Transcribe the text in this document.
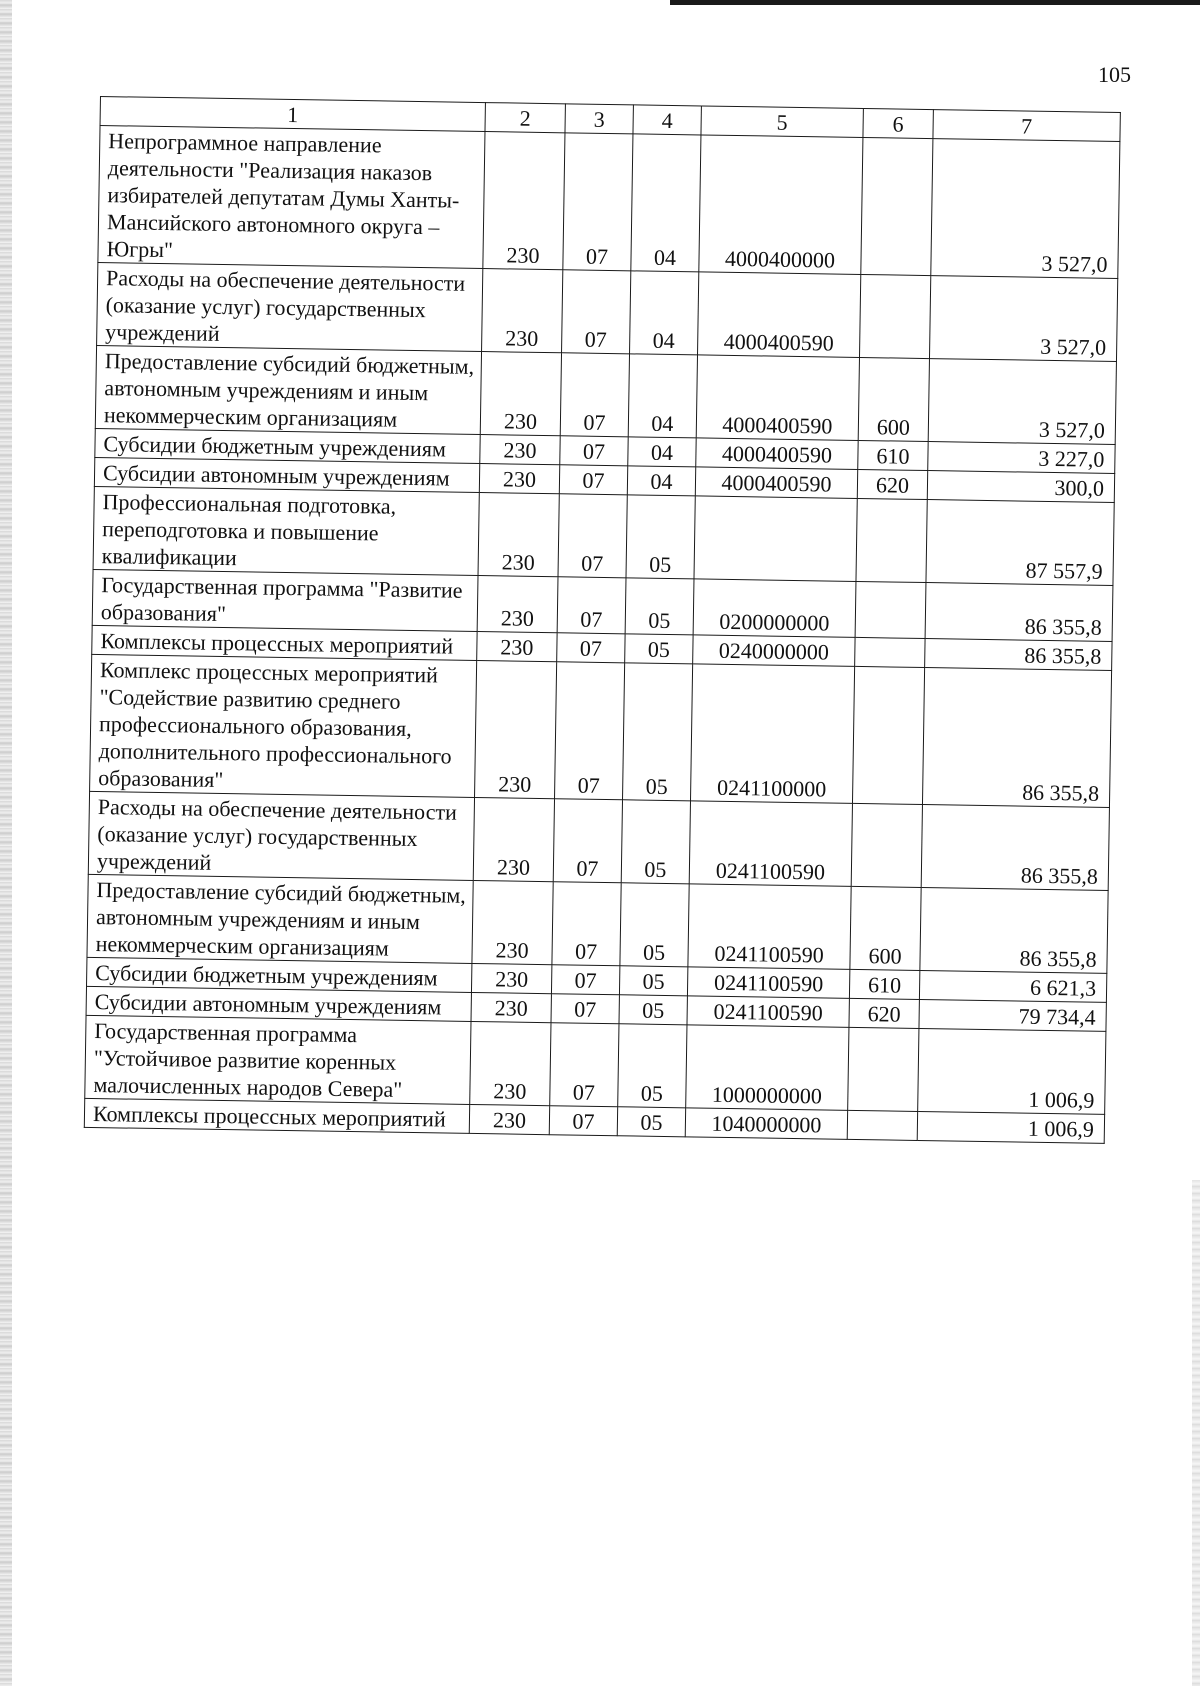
105
1	2	3	4	5	6	7
Непрограммное направление деятельности "Реализация наказов избирателей депутатам Думы Ханты-Мансийского автономного округа – Югры"	230	07	04	4000400000		3 527,0
Расходы на обеспечение деятельности (оказание услуг) государственных учреждений	230	07	04	4000400590		3 527,0
Предоставление субсидий бюджетным, автономным учреждениям и иным некоммерческим организациям	230	07	04	4000400590	600	3 527,0
Субсидии бюджетным учреждениям	230	07	04	4000400590	610	3 227,0
Субсидии автономным учреждениям	230	07	04	4000400590	620	300,0
Профессиональная подготовка, переподготовка и повышение квалификации	230	07	05			87 557,9
Государственная программа "Развитие образования"	230	07	05	0200000000		86 355,8
Комплексы процессных мероприятий	230	07	05	0240000000		86 355,8
Комплекс процессных мероприятий "Содействие развитию среднего профессионального образования, дополнительного профессионального образования"	230	07	05	0241100000		86 355,8
Расходы на обеспечение деятельности (оказание услуг) государственных учреждений	230	07	05	0241100590		86 355,8
Предоставление субсидий бюджетным, автономным учреждениям и иным некоммерческим организациям	230	07	05	0241100590	600	86 355,8
Субсидии бюджетным учреждениям	230	07	05	0241100590	610	6 621,3
Субсидии автономным учреждениям	230	07	05	0241100590	620	79 734,4
Государственная программа "Устойчивое развитие коренных малочисленных народов Севера"	230	07	05	1000000000		1 006,9
Комплексы процессных мероприятий	230	07	05	1040000000		1 006,9
